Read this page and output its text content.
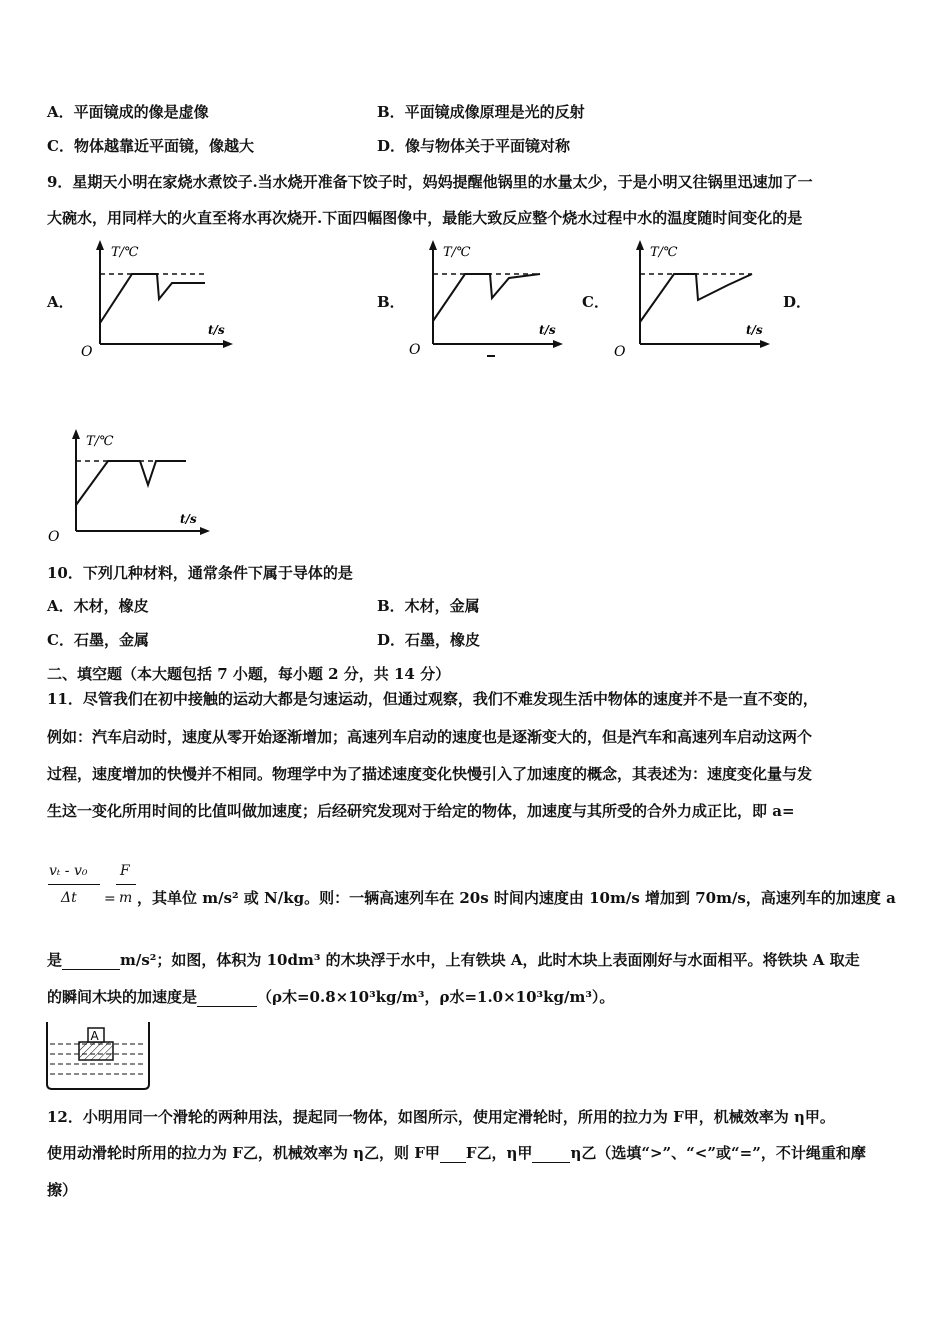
A．平面镜成的像是虚像	B．平面镜成像原理是光的反射
C．物体越靠近平面镜，像越大	D．像与物体关于平面镜对称
9．星期天小明在家烧水煮饺子.当水烧开准备下饺子时，妈妈提醒他锅里的水量太少，于是小明又往锅里迅速加了一
大碗水，用同样大的火直至将水再次烧开.下面四幅图像中，最能大致反应整个烧水过程中水的温度随时间变化的是
A．	B．	C．	D．
T/℃
t/s
O
T/℃
t/s
O
T/℃
t/s
O
T/℃
t/s
O
10．下列几种材料，通常条件下属于导体的是
A．木材，橡皮	B．木材，金属
C．石墨，金属	D．石墨，橡皮
二、填空题（本大题包括 7 小题，每小题 2 分，共 14 分）
11．尽管我们在初中接触的运动大都是匀速运动，但通过观察，我们不难发现生活中物体的速度并不是一直不变的，
例如：汽车启动时，速度从零开始逐渐增加；高速列车启动的速度也是逐渐变大的，但是汽车和高速列车启动这两个
过程，速度增加的快慢并不相同。物理学中为了描述速度变化快慢引入了加速度的概念，其表述为：速度变化量与发
生这一变化所用时间的比值叫做加速度；后经研究发现对于给定的物体，加速度与其所受的合外力成正比，即 a=
vₜ - v₀
Δt =
F
m ，其单位 m/s² 或 N/kg。则：一辆高速列车在 20s 时间内速度由 10m/s 增加到 70m/s，高速列车的加速度 a
是	m/s²；如图，体积为 10dm³ 的木块浮于水中，上有铁块 A，此时木块上表面刚好与水面相平。将铁块 A 取走
的瞬间木块的加速度是	（ρ木=0.8×10³kg/m³，ρ水=1.0×10³kg/m³）。
A
12．小明用同一个滑轮的两种用法，提起同一物体，如图所示，使用定滑轮时，所用的拉力为 F甲，机械效率为 η甲。
使用动滑轮时所用的拉力为 F乙，机械效率为 η乙，则 F甲 F乙，η甲	η乙（选填“>”、“<”或“=”，不计绳重和摩
擦）
